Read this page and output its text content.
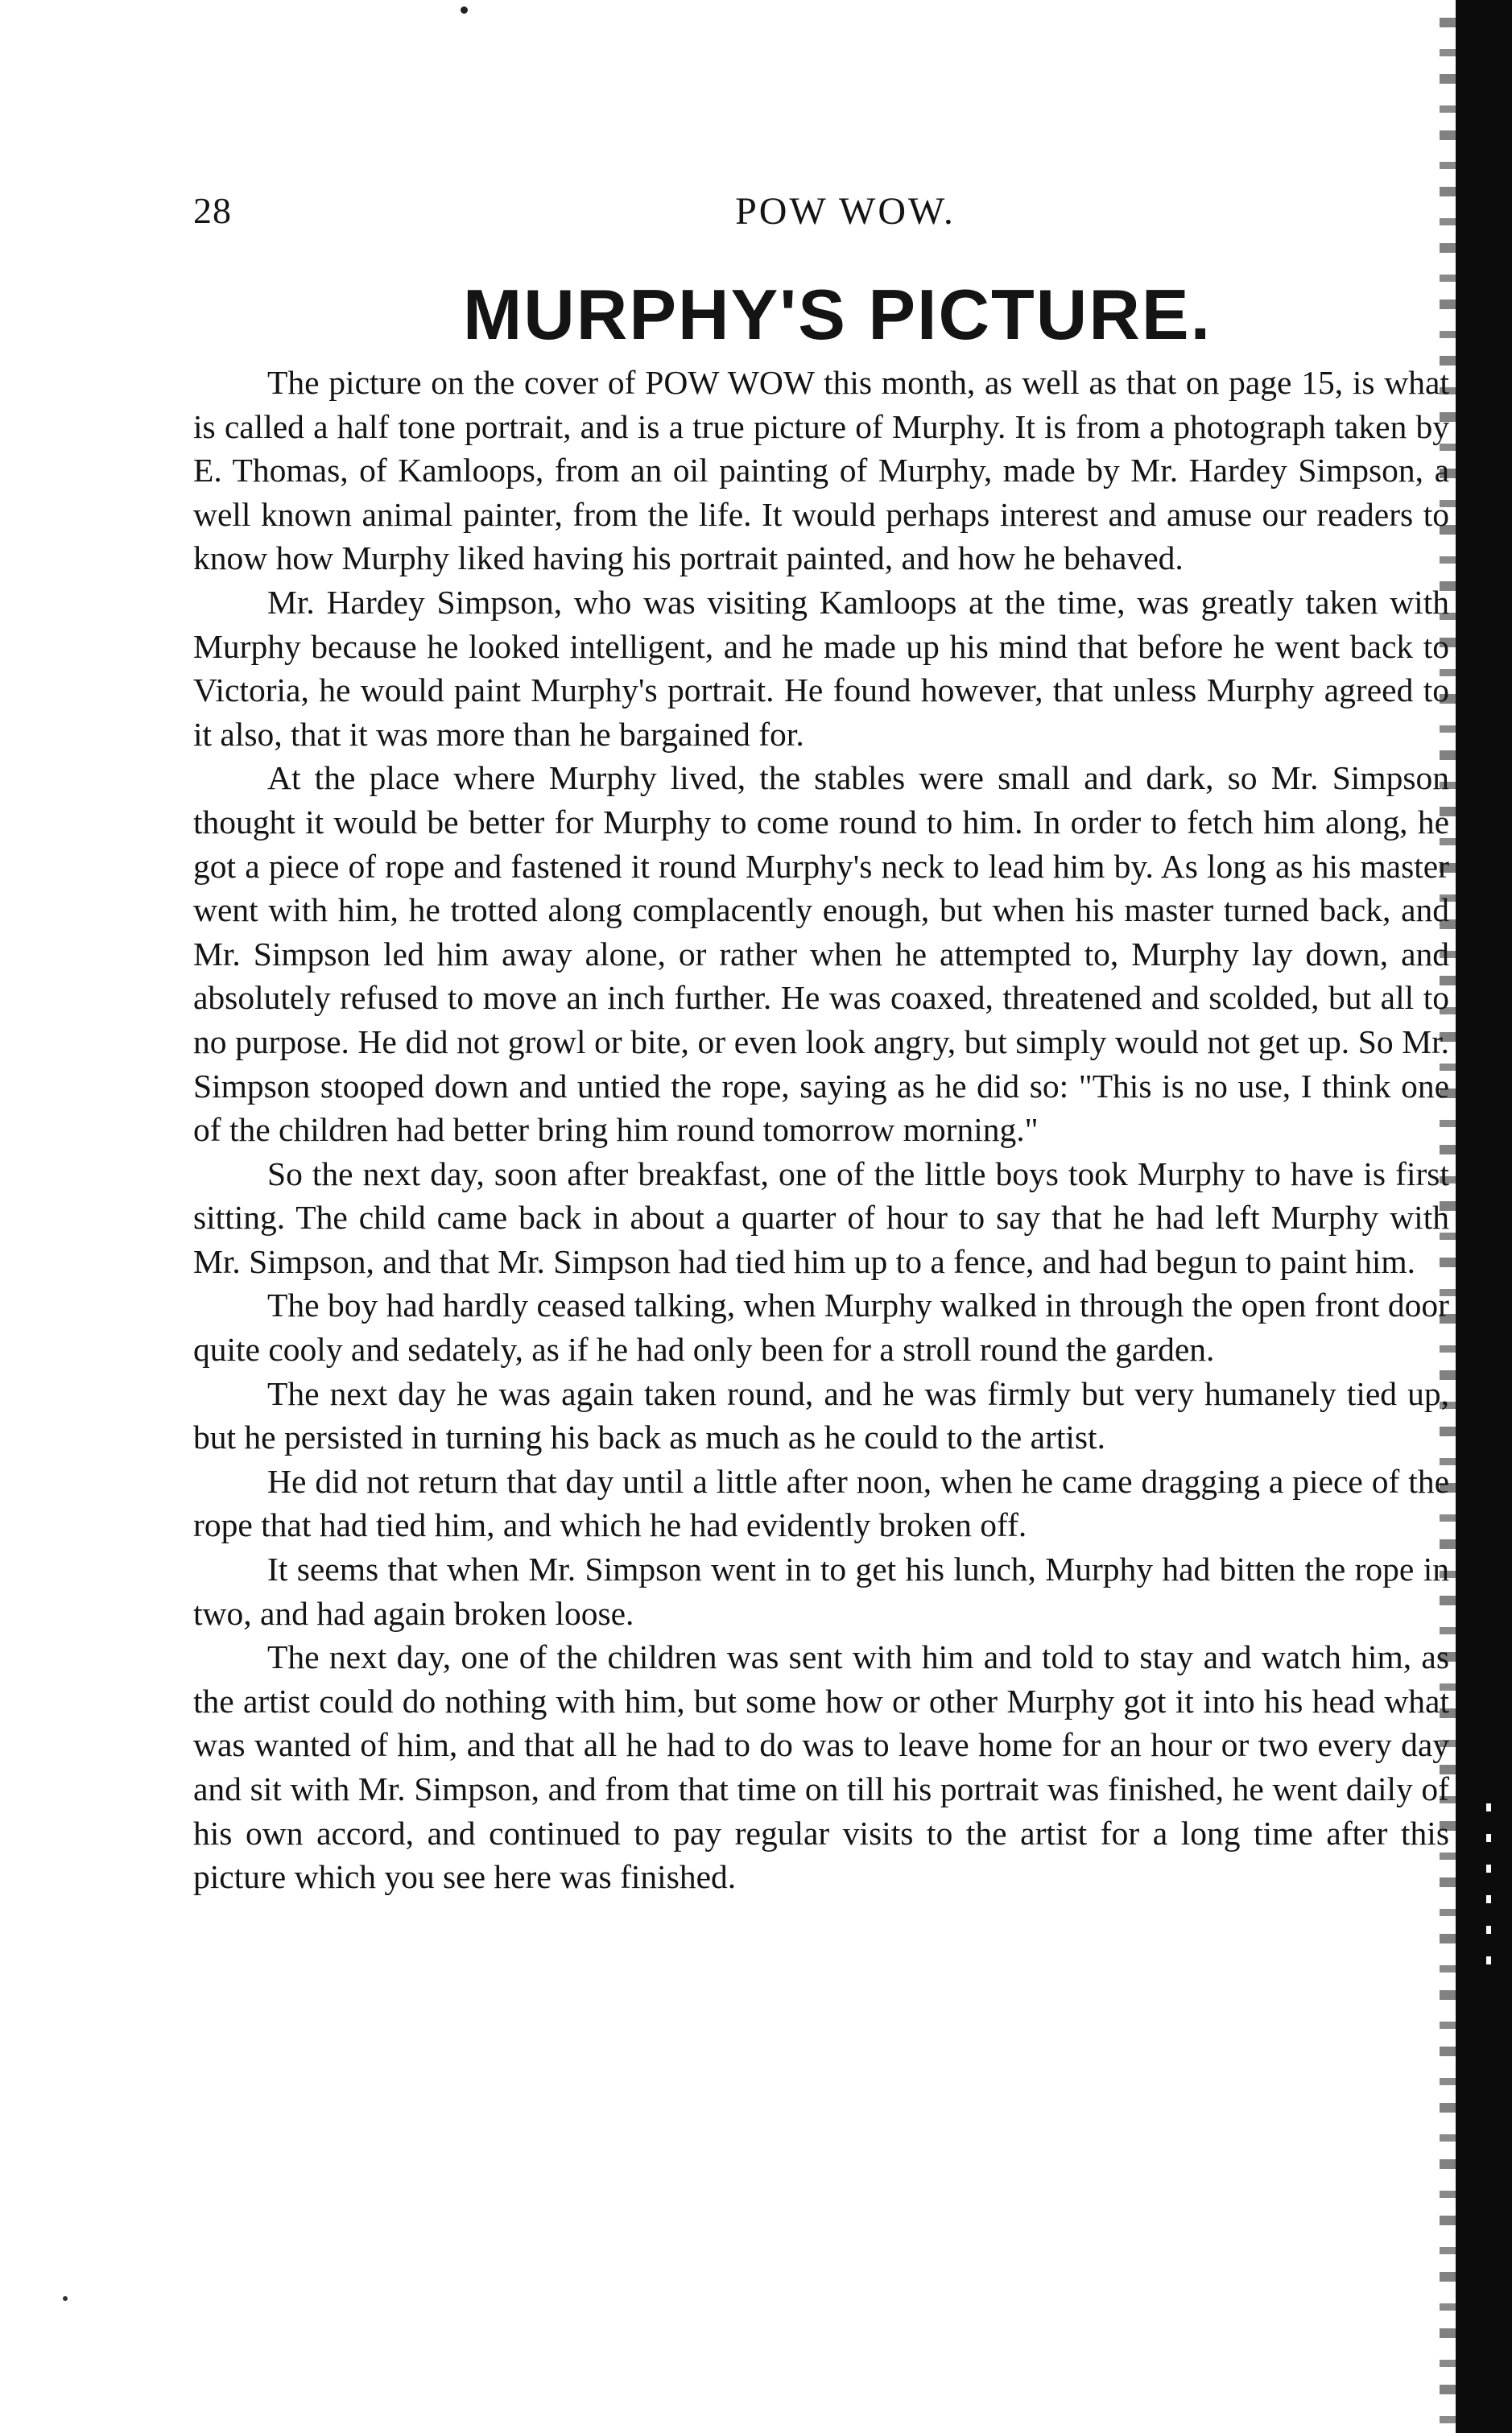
28	POW WOW.
MURPHY'S PICTURE.

The picture on the cover of POW WOW this month, as well as that on page 15, is what is called a half tone portrait, and is a true picture of Murphy. It is from a photograph taken by E. Thomas, of Kamloops, from an oil painting of Murphy, made by Mr. Hardey Simpson, a well known animal painter, from the life. It would perhaps interest and amuse our readers to know how Murphy liked having his portrait painted, and how he behaved.

Mr. Hardey Simpson, who was visiting Kamloops at the time, was greatly taken with Murphy because he looked intelligent, and he made up his mind that before he went back to Victoria, he would paint Murphy's portrait. He found however, that unless Murphy agreed to it also, that it was more than he bargained for.

At the place where Murphy lived, the stables were small and dark, so Mr. Simpson thought it would be better for Murphy to come round to him. In order to fetch him along, he got a piece of rope and fastened it round Murphy's neck to lead him by. As long as his master went with him, he trotted along complacently enough, but when his master turned back, and Mr. Simpson led him away alone, or rather when he attempted to, Murphy lay down, and absolutely refused to move an inch further. He was coaxed, threatened and scolded, but all to no purpose. He did not growl or bite, or even look angry, but simply would not get up. So Mr. Simpson stooped down and untied the rope, saying as he did so: "This is no use, I think one of the children had better bring him round tomorrow morning."

So the next day, soon after breakfast, one of the little boys took Murphy to have is first sitting. The child came back in about a quarter of hour to say that he had left Murphy with Mr. Simpson, and that Mr. Simpson had tied him up to a fence, and had begun to paint him.

The boy had hardly ceased talking, when Murphy walked in through the open front door quite cooly and sedately, as if he had only been for a stroll round the garden.

The next day he was again taken round, and he was firmly but very humanely tied up, but he persisted in turning his back as much as he could to the artist.

He did not return that day until a little after noon, when he came dragging a piece of the rope that had tied him, and which he had evidently broken off.

It seems that when Mr. Simpson went in to get his lunch, Murphy had bitten the rope in two, and had again broken loose.

The next day, one of the children was sent with him and told to stay and watch him, as the artist could do nothing with him, but some how or other Murphy got it into his head what was wanted of him, and that all he had to do was to leave home for an hour or two every day and sit with Mr. Simpson, and from that time on till his portrait was finished, he went daily of his own accord, and continued to pay regular visits to the artist for a long time after this picture which you see here was finished.
